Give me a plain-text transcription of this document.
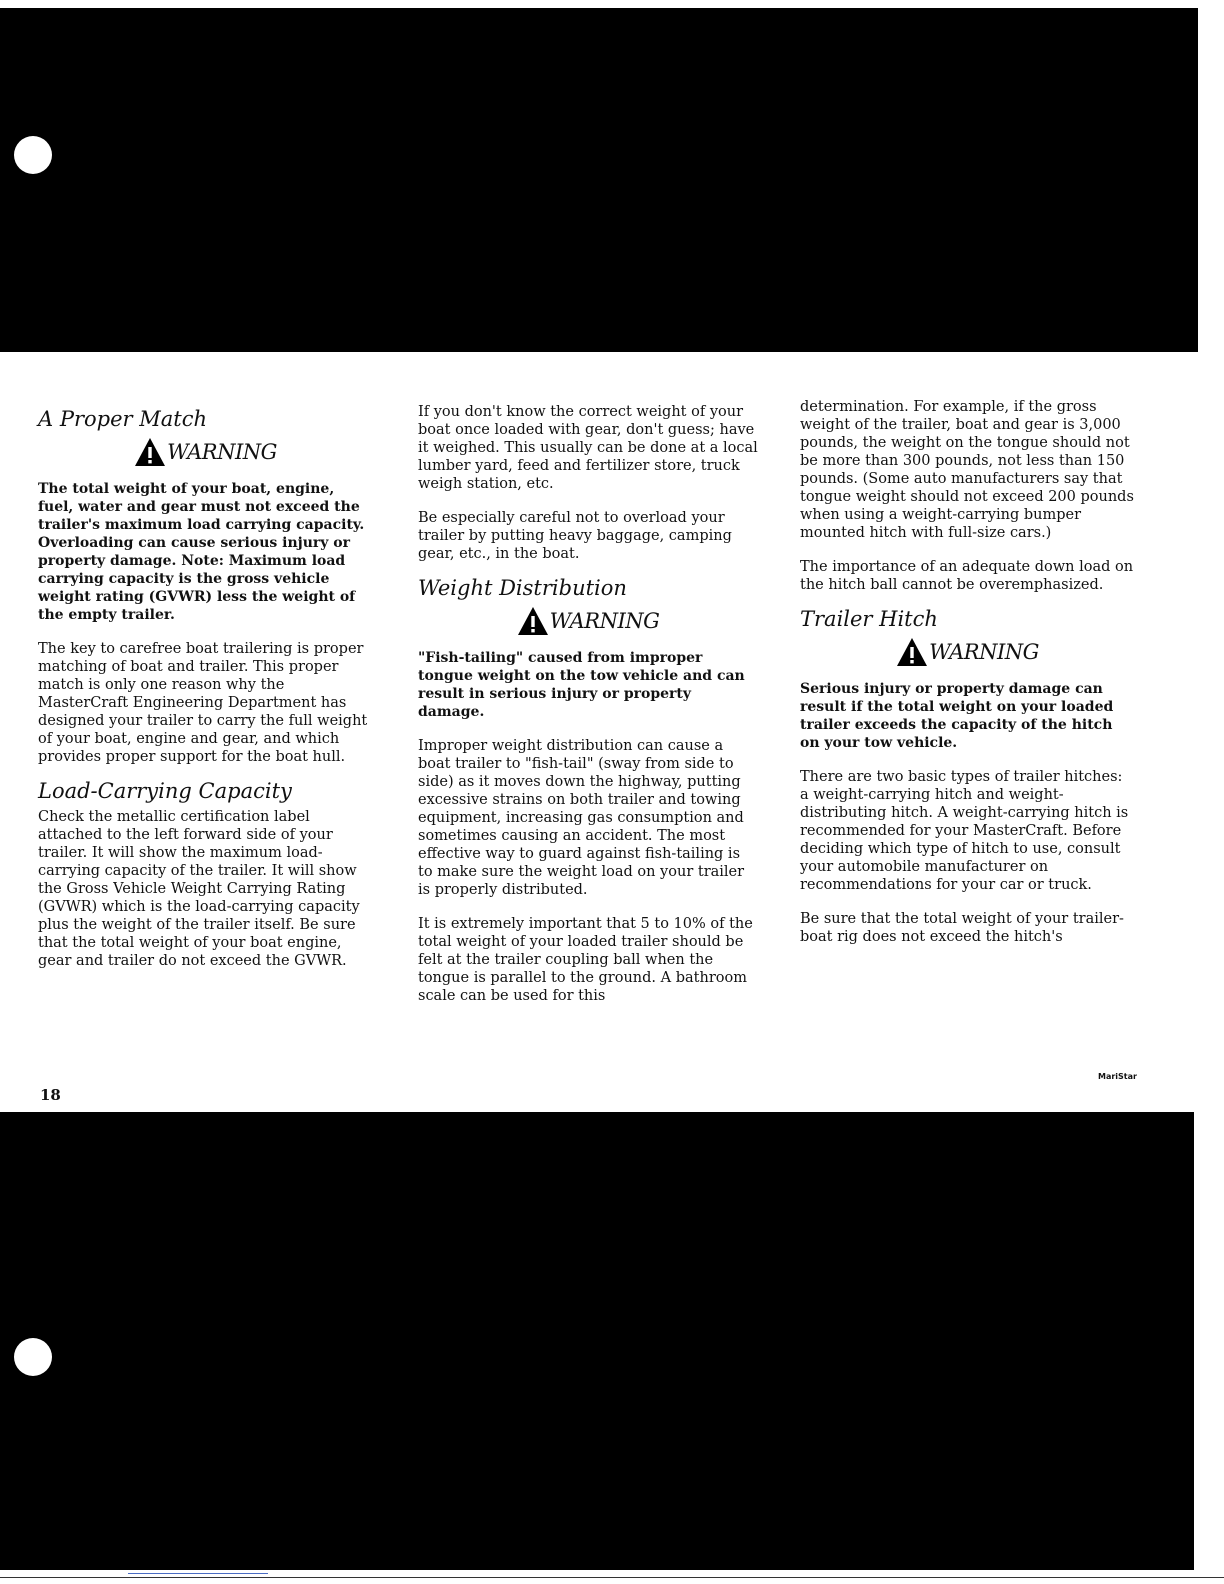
A Proper Match
WARNING

The total weight of your boat, engine, fuel, water and gear must not exceed the trailer's maximum load carrying capacity. Overloading can cause serious injury or property damage. Note: Maximum load carrying capacity is the gross vehicle weight rating (GVWR) less the weight of the empty trailer.

The key to carefree boat trailering is proper matching of boat and trailer. This proper match is only one reason why the MasterCraft Engineering Department has designed your trailer to carry the full weight of your boat, engine and gear, and which provides proper support for the boat hull.

Load-Carrying Capacity

Check the metallic certification label attached to the left forward side of your trailer. It will show the maximum load-carrying capacity of the trailer. It will show the Gross Vehicle Weight Carrying Rating (GVWR) which is the load-carrying capacity plus the weight of the trailer itself. Be sure that the total weight of your boat engine, gear and trailer do not exceed the GVWR.

If you don't know the correct weight of your boat once loaded with gear, don't guess; have it weighed. This usually can be done at a local lumber yard, feed and fertilizer store, truck weigh station, etc.

Be especially careful not to overload your trailer by putting heavy baggage, camping gear, etc., in the boat.

Weight Distribution
WARNING

"Fish-tailing" caused from improper tongue weight on the tow vehicle and can result in serious injury or property damage.

Improper weight distribution can cause a boat trailer to "fish-tail" (sway from side to side) as it moves down the highway, putting excessive strains on both trailer and towing equipment, increasing gas consumption and sometimes causing an accident. The most effective way to guard against fish-tailing is to make sure the weight load on your trailer is properly distributed.

It is extremely important that 5 to 10% of the total weight of your loaded trailer should be felt at the trailer coupling ball when the tongue is parallel to the ground. A bathroom scale can be used for this

determination. For example, if the gross weight of the trailer, boat and gear is 3,000 pounds, the weight on the tongue should not be more than 300 pounds, not less than 150 pounds. (Some auto manufacturers say that tongue weight should not exceed 200 pounds when using a weight-carrying bumper mounted hitch with full-size cars.)

The importance of an adequate down load on the hitch ball cannot be overemphasized.

Trailer Hitch
WARNING

Serious injury or property damage can result if the total weight on your loaded trailer exceeds the capacity of the hitch on your tow vehicle.

There are two basic types of trailer hitches: a weight-carrying hitch and weight-distributing hitch. A weight-carrying hitch is recommended for your MasterCraft. Before deciding which type of hitch to use, consult your automobile manufacturer on recommendations for your car or truck.

Be sure that the total weight of your trailer-boat rig does not exceed the hitch's

18
MariStar
